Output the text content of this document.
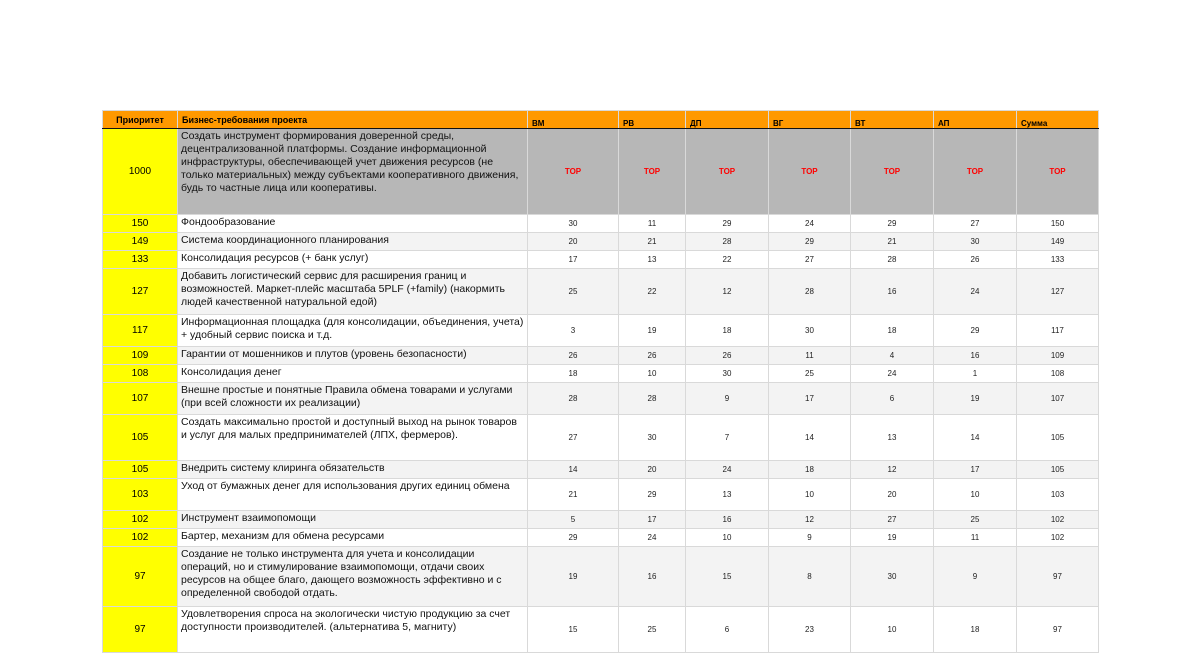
Приоритет	Бизнес-требования проекта	ВМ	РВ	ДП	ВГ	ВТ	АП	Сумма
1000	Создать инструмент формирования доверенной среды, децентрализованной платформы. Создание информационной инфраструктуры, обеспечивающей учет движения ресурсов (не только материальных) между субъектами кооперативного движения, будь то частные лица или кооперативы.	ТОР	ТОР	ТОР	ТОР	ТОР	ТОР	ТОР
150	Фондообразование	30	11	29	24	29	27	150
149	Система координационного планирования	20	21	28	29	21	30	149
133	Консолидация ресурсов (+ банк услуг)	17	13	22	27	28	26	133
127	Добавить логистический сервис для расширения границ и возможностей. Маркет-плейс масштаба 5PLF (+family) (накормить людей качественной натуральной едой)	25	22	12	28	16	24	127
117	Информационная площадка (для консолидации, объединения, учета) + удобный сервис поиска и т.д.	3	19	18	30	18	29	117
109	Гарантии от мошенников и плутов (уровень безопасности)	26	26	26	11	4	16	109
108	Консолидация денег	18	10	30	25	24	1	108
107	Внешне простые и понятные Правила обмена товарами и услугами (при всей сложности их реализации)	28	28	9	17	6	19	107
105	Создать максимально простой и доступный выход на рынок товаров и услуг для малых предпринимателей (ЛПХ, фермеров).	27	30	7	14	13	14	105
105	Внедрить систему клиринга обязательств	14	20	24	18	12	17	105
103	Уход от бумажных денег для использования других единиц обмена	21	29	13	10	20	10	103
102	Инструмент взаимопомощи	5	17	16	12	27	25	102
102	Бартер, механизм для обмена ресурсами	29	24	10	9	19	11	102
97	Создание не только инструмента для учета и консолидации операций, но и стимулирование взаимопомощи, отдачи своих ресурсов на общее благо, дающего возможность эффективно и с определенной свободой отдать.	19	16	15	8	30	9	97
97	Удовлетворения спроса на экологически чистую продукцию за счет доступности производителей. (альтернатива 5, магниту)	15	25	6	23	10	18	97
